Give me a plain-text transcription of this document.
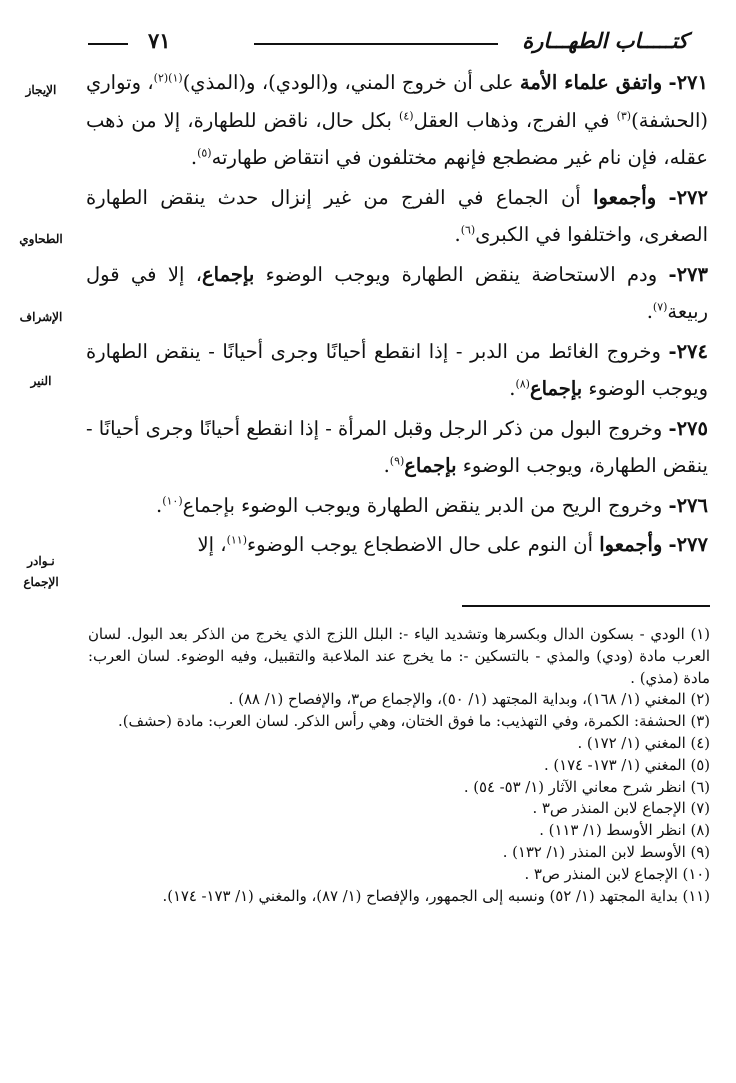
كتـــــاب الطهـــارة
٧١
الإيجاز
الطحاوي
الإشراف
النير
نـوادر
الإجماع

٢٧١- واتفق علماء الأمة على أن خروج المني، و(الودي)، و(المذي)$^{(١)(٢)}$، وتواري (الحشفة)$^{(٣)}$ في الفرج، وذهاب العقل$^{(٤)}$ بكل حال، ناقض للطهارة، إلا من ذهب عقله، فإن نام غير مضطجع فإنهم مختلفون في انتقاض طهارته$^{(٥)}$.

٢٧٢- وأجمعوا أن الجماع في الفرج من غير إنزال حدث ينقض الطهارة الصغرى، واختلفوا في الكبرى$^{(٦)}$.

٢٧٣- ودم الاستحاضة ينقض الطهارة ويوجب الوضوء بإجماع، إلا في قول ربيعة$^{(٧)}$.

٢٧٤- وخروج الغائط من الدبر - إذا انقطع أحيانًا وجرى أحيانًا - ينقض الطهارة ويوجب الوضوء بإجماع$^{(٨)}$.

٢٧٥- وخروج البول من ذكر الرجل وقبل المرأة - إذا انقطع أحيانًا وجرى أحيانًا - ينقض الطهارة، ويوجب الوضوء بإجماع$^{(٩)}$.

٢٧٦- وخروج الريح من الدبر ينقض الطهارة ويوجب الوضوء بإجماع$^{(١٠)}$.

٢٧٧- وأجمعوا أن النوم على حال الاضطجاع يوجب الوضوء$^{(١١)}$، إلا

(١) الودي - بسكون الدال وبكسرها وتشديد الياء -: البلل اللزج الذي يخرج من الذكر بعد البول. لسان العرب مادة (ودي) والمذي - بالتسكين -: ما يخرج عند الملاعبة والتقبيل، وفيه الوضوء. لسان العرب: مادة (مذي) .

(٢) المغني (١/ ١٦٨)، وبداية المجتهد (١/ ٥٠)، والإجماع ص٣، والإفصاح (١/ ٨٨) .

(٣) الحشفة: الكمرة، وفي التهذيب: ما فوق الختان، وهي رأس الذكر. لسان العرب: مادة (حشف).

(٤) المغني (١/ ١٧٢) .

(٥) المغني (١/ ١٧٣- ١٧٤) .

(٦) انظر شرح معاني الآثار (١/ ٥٣- ٥٤) .

(٧) الإجماع لابن المنذر ص٣ .

(٨) انظر الأوسط (١/ ١١٣) .

(٩) الأوسط لابن المنذر (١/ ١٣٢) .

(١٠) الإجماع لابن المنذر ص٣ .

(١١) بداية المجتهد (١/ ٥٢) ونسبه إلى الجمهور، والإفصاح (١/ ٨٧)، والمغني (١/ ١٧٣- ١٧٤).
